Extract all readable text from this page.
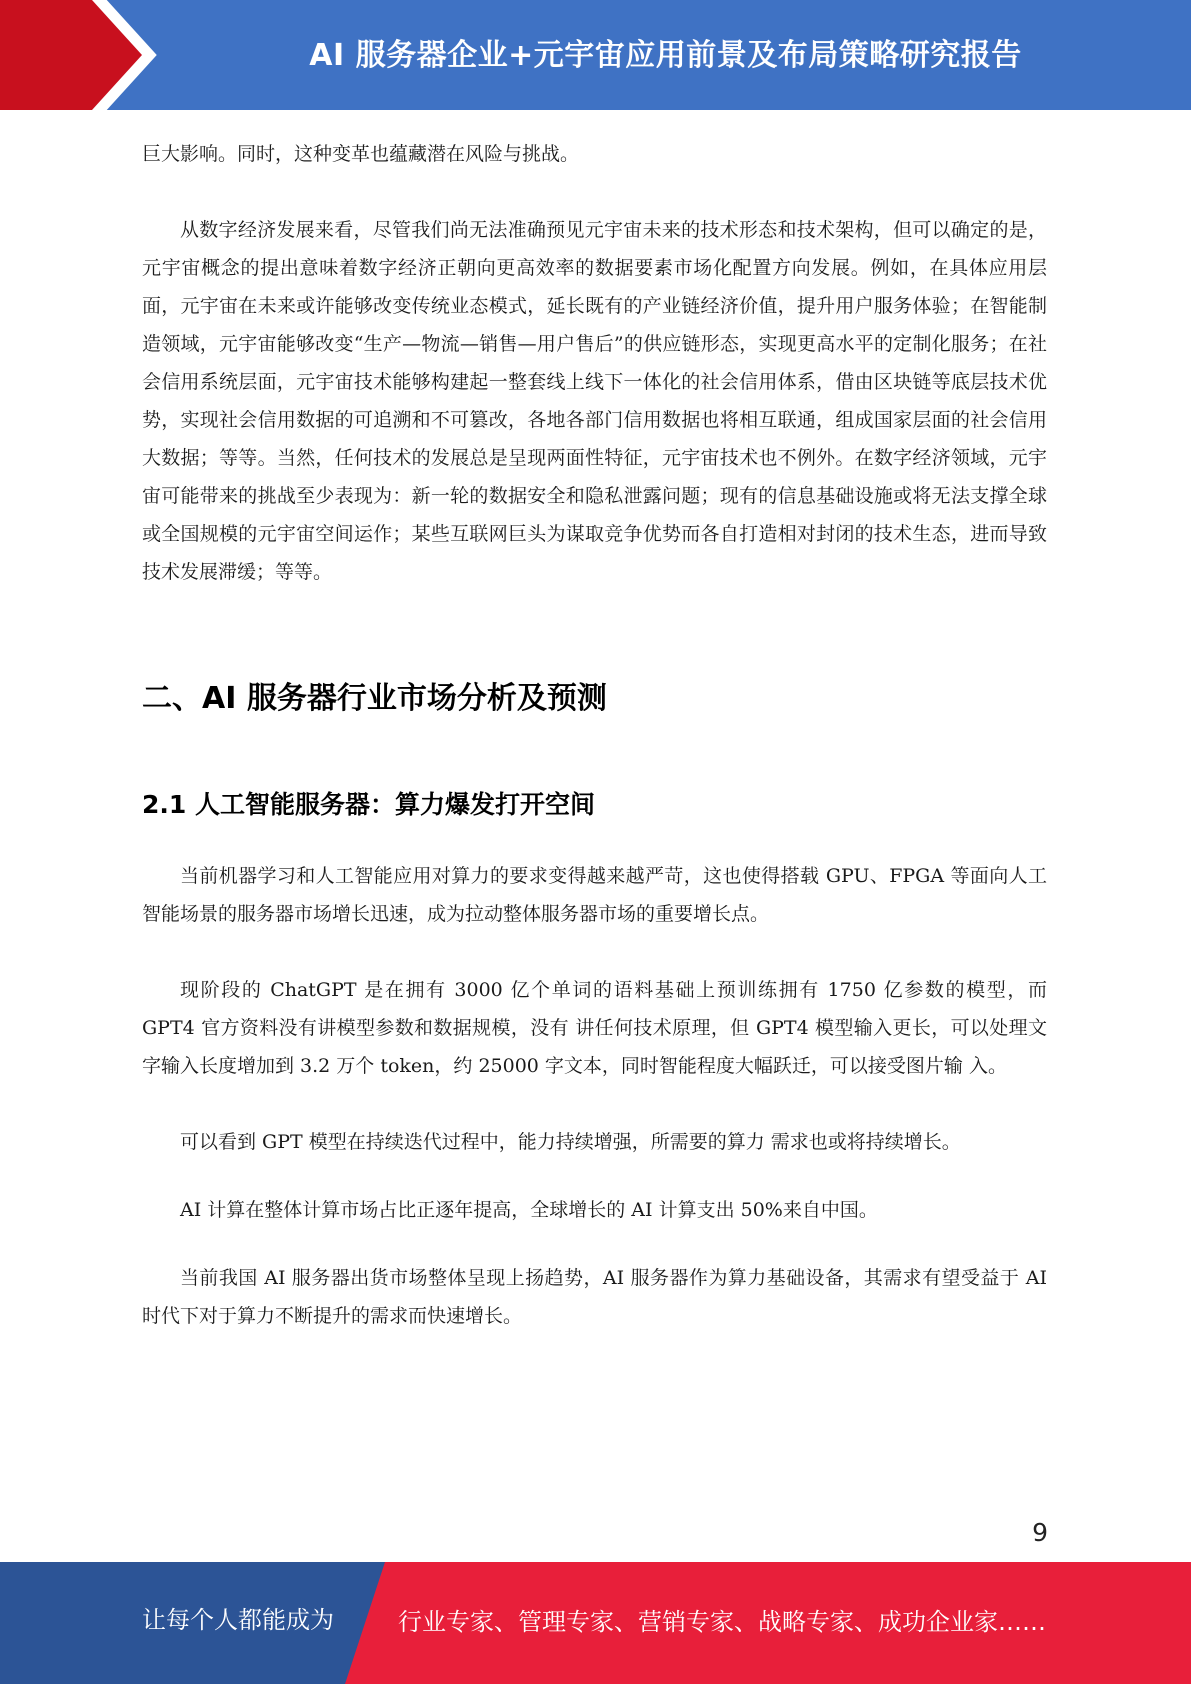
AI 服务器企业+元宇宙应用前景及布局策略研究报告

巨大影响。同时，这种变革也蕴藏潜在风险与挑战。

从数字经济发展来看，尽管我们尚无法准确预见元宇宙未来的技术形态和技术架构，但可以确定的是，元宇宙概念的提出意味着数字经济正朝向更高效率的数据要素市场化配置方向发展。例如，在具体应用层面，元宇宙在未来或许能够改变传统业态模式，延长既有的产业链经济价值，提升用户服务体验；在智能制造领域，元宇宙能够改变“生产—物流—销售—用户售后”的供应链形态，实现更高水平的定制化服务；在社会信用系统层面，元宇宙技术能够构建起一整套线上线下一体化的社会信用体系，借由区块链等底层技术优势，实现社会信用数据的可追溯和不可篡改，各地各部门信用数据也将相互联通，组成国家层面的社会信用大数据；等等。当然，任何技术的发展总是呈现两面性特征，元宇宙技术也不例外。在数字经济领域，元宇宙可能带来的挑战至少表现为：新一轮的数据安全和隐私泄露问题；现有的信息基础设施或将无法支撑全球或全国规模的元宇宙空间运作；某些互联网巨头为谋取竞争优势而各自打造相对封闭的技术生态，进而导致技术发展滞缓；等等。

二、AI 服务器行业市场分析及预测
2.1 人工智能服务器：算力爆发打开空间

当前机器学习和人工智能应用对算力的要求变得越来越严苛，这也使得搭载 GPU、FPGA 等面向人工智能场景的服务器市场增长迅速，成为拉动整体服务器市场的重要增长点。

现阶段的 ChatGPT 是在拥有 3000 亿个单词的语料基础上预训练拥有 1750 亿参数的模型，而 GPT4 官方资料没有讲模型参数和数据规模，没有 讲任何技术原理，但 GPT4 模型输入更长，可以处理文字输入长度增加到 3.2 万个 token，约 25000 字文本，同时智能程度大幅跃迁，可以接受图片输 入。

可以看到 GPT 模型在持续迭代过程中，能力持续增强，所需要的算力 需求也或将持续增长。

AI 计算在整体计算市场占比正逐年提高，全球增长的 AI 计算支出 50%来自中国。

当前我国 AI 服务器出货市场整体呈现上扬趋势，AI 服务器作为算力基础设备，其需求有望受益于 AI 时代下对于算力不断提升的需求而快速增长。

9
让每个人都能成为	行业专家、管理专家、营销专家、战略专家、成功企业家……
